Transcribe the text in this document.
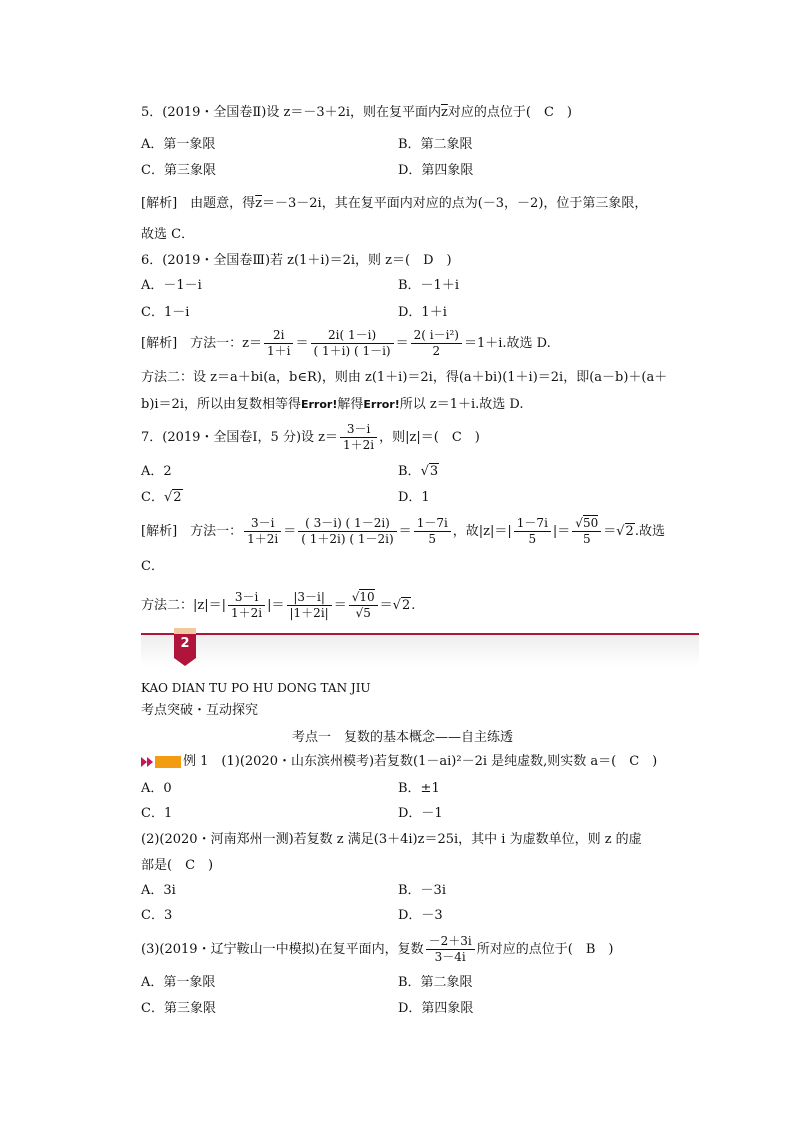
5．(2019・全国卷Ⅱ)设 z＝－3＋2i，则在复平面内$\overline{z}$对应的点位于(　C　)
A．第一象限	B．第二象限
C．第三象限	D．第四象限
[解析]　由题意，得$\overline{z}=-3-2i$，其在复平面内对应的点为(－3，－2)，位于第三象限，
故选 C．
6．(2019・全国卷Ⅲ)若 z(1＋i)＝2i，则 z＝(　D　)
A．－1－i	B．－1＋i
C．1－i	D．1＋i
[解析]　方法一：$z= \frac{2i}{1+i} = \frac{2i( 1-i)}{( 1+i) ( 1-i)} = \frac{\text{2( i－i²)}}{2} =1+i$.故选 D.
方法二：设 z＝a＋bi(a，b∈R)，则由 z(1＋i)＝2i，得(a＋bi)(1＋i)＝2i，即(a－b)＋(a＋
b)i＝2i，所以由复数相等得Error!解得Error!所以 z＝1＋i.故选 D.
7．(2019・全国卷Ⅰ，5 分)设 $z= \frac{3-i}{1+2i}$ ，则|z|＝(　C　)
A．2	B．√3
C．√2	D．1
[解析]　方法一： $\frac{3-i}{1+2i} = \frac{( 3-i) ( 1-2i)}{( 1+2i) ( 1-2i)} = \frac{1-7i}{5}$ ，故$|z|=| \frac{1-7i}{5}$ |＝ $\frac{√50}{5} =√2$.故选
C．
方法二：$|z|=| \frac{3-i}{1+2i}$ |＝ $\frac{|3-i|}{|1+2i|} = \frac{√10}{√5} =√2$.
2
KAO DIAN TU PO HU DONG TAN JIU
考点突破・互动探究
考点一　复数的基本概念——自主练透
例 1　(1)(2020・山东滨州模考)若复数(1－ai)²－2i 是纯虚数,则实数 a＝(　C　)
A．0	B．±1
C．1	D．－1
(2)(2020・河南郑州一测)若复数 z 满足(3＋4i)z＝25i，其中 i 为虚数单位，则 z 的虚
部是(　C　)
A．3i	B．－3i
C．3	D．－3
(3)(2019・辽宁鞍山一中模拟)在复平面内，复数 $\frac{-2+3i}{3-4i}$ 所对应的点位于(　B　)
A．第一象限	B．第二象限
C．第三象限	D．第四象限
